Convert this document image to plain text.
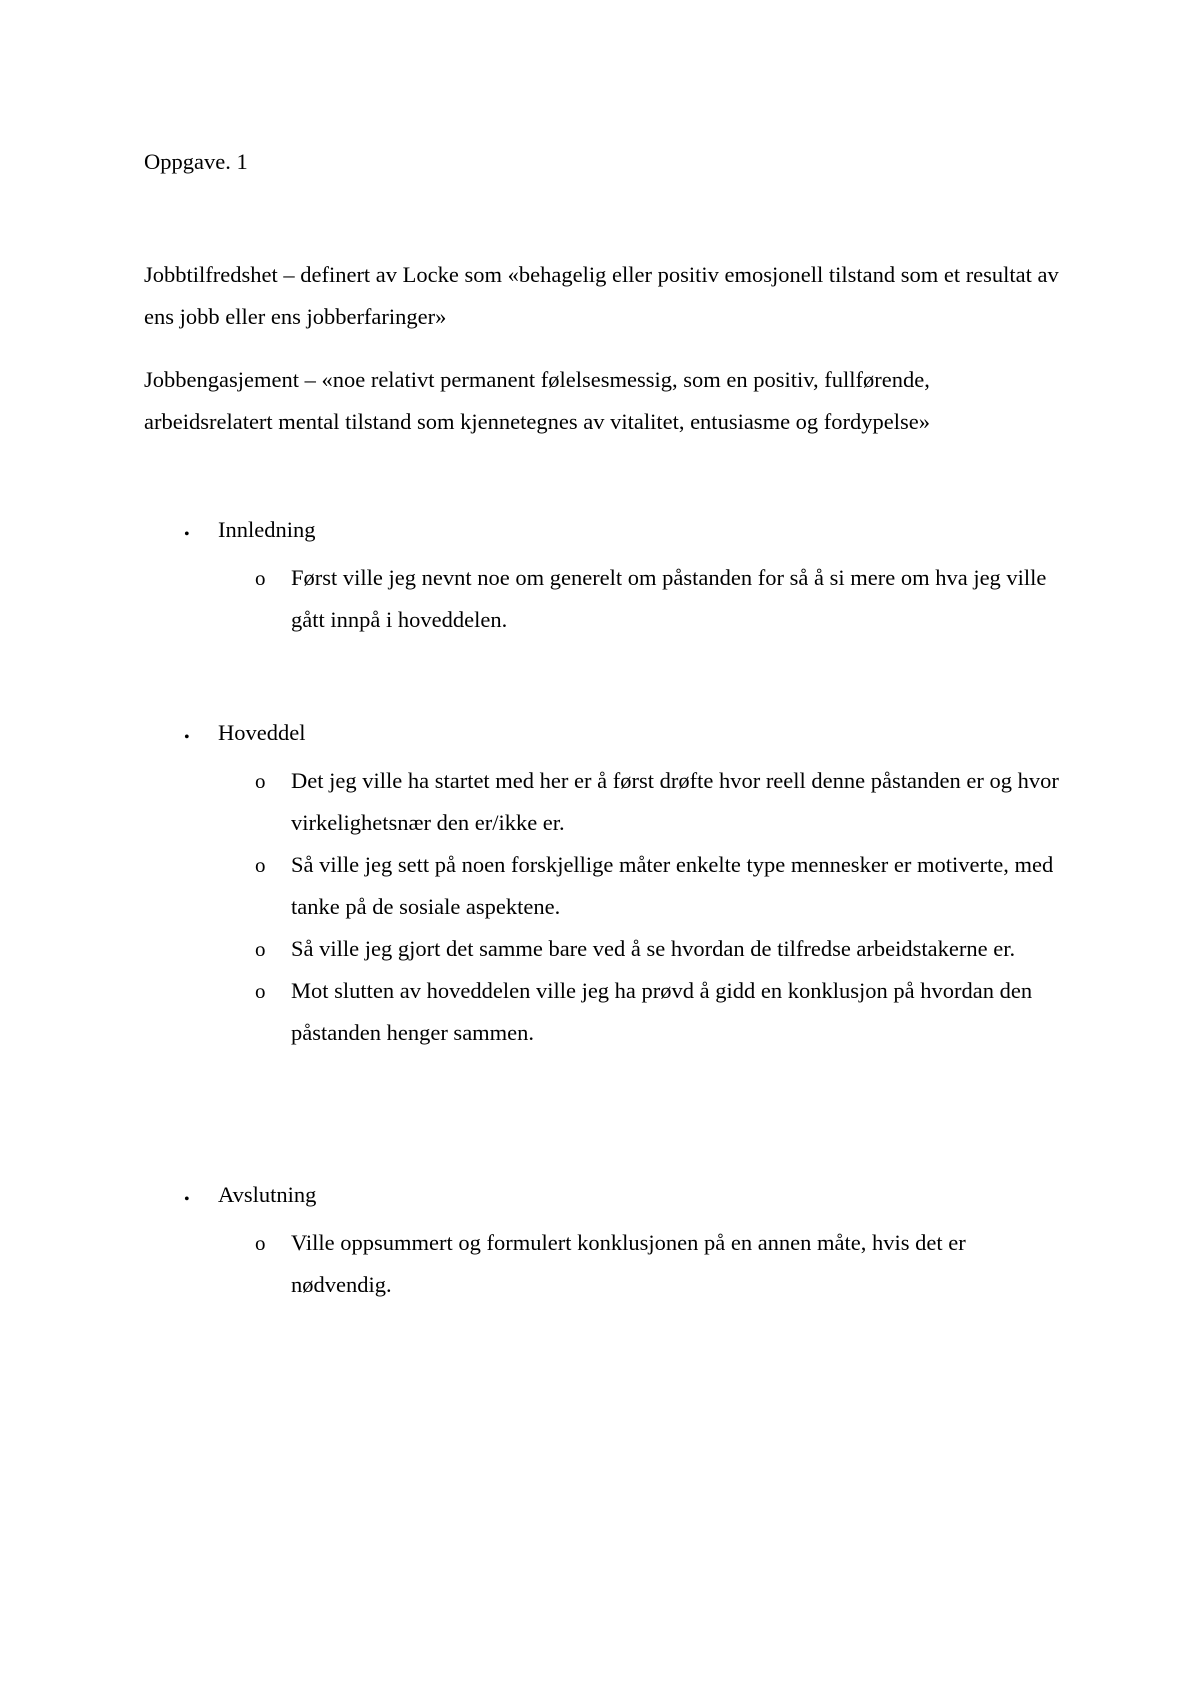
Oppgave. 1
Jobbtilfredshet – definert av Locke som «behagelig eller positiv emosjonell tilstand som et resultat av ens jobb eller ens jobberfaringer»
Jobbengasjement – «noe relativt permanent følelsesmessig, som en positiv, fullførende, arbeidsrelatert mental tilstand som kjennetegnes av vitalitet, entusiasme og fordypelse»
• Innledning
o Først ville jeg nevnt noe om generelt om påstanden for så å si mere om hva jeg ville gått innpå i hoveddelen.
• Hoveddel
o Det jeg ville ha startet med her er å først drøfte hvor reell denne påstanden er og hvor virkelighetsnær den er/ikke er.
o Så ville jeg sett på noen forskjellige måter enkelte type mennesker er motiverte, med tanke på de sosiale aspektene.
o Så ville jeg gjort det samme bare ved å se hvordan de tilfredse arbeidstakerne er.
o Mot slutten av hoveddelen ville jeg ha prøvd å gidd en konklusjon på hvordan den påstanden henger sammen.
• Avslutning
o Ville oppsummert og formulert konklusjonen på en annen måte, hvis det er nødvendig.
